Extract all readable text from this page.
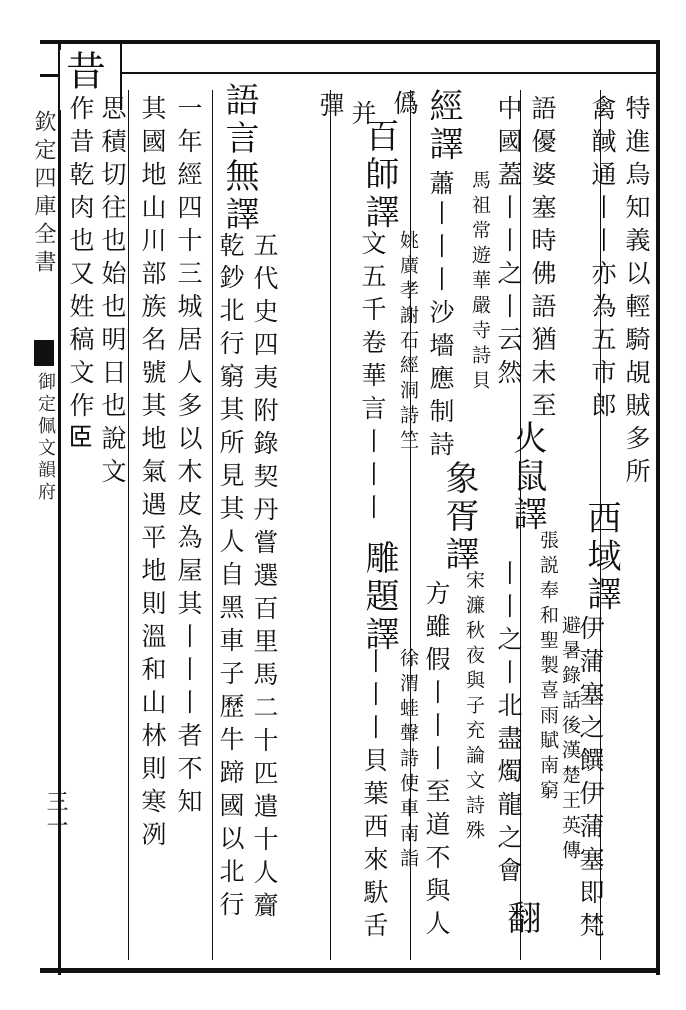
昔
欽定四庫全書
御定佩文韻府
三一
特進烏知義以輕騎覘賊多所
禽馘通丨丨亦為五市郎
西域譯
避暑錄話後漢楚王英傳
伊蒲塞之饌伊蒲塞即梵
語優婆塞時佛語猶未至
火鼠譯
張説奉和聖製喜雨賦南窮
中國蓋丨丨之丨云然
丨丨之丨北盡燭龍之會
翻
經譯
馬祖常遊華嚴寺詩貝
蕭
丨丨丨沙墻應制詩
象胥譯
宋濂秋夜與子充論文詩殊
方雖假丨丨丨至道不與人
僞
百師譯
姚廣孝謝石經洞詩竺
文五千卷華言丨丨丨
雕題譯
徐渭蛙聲詩使車南詣
丨丨丨貝葉西來馱舌
并
彈
語言無譯
五代史四夷附錄契丹嘗選百里馬二十匹遣十人齎
乾
鈔北行窮其所見其人自黑車子歷牛蹄國以北行
一年經四十三城居人多以木皮為屋其丨丨丨者不知
其國地山川部族名號其地氣遇平地則溫和山林則寒冽
思積切往也始也明日也說文
作昔乾肉也又姓稿文作𦣞
